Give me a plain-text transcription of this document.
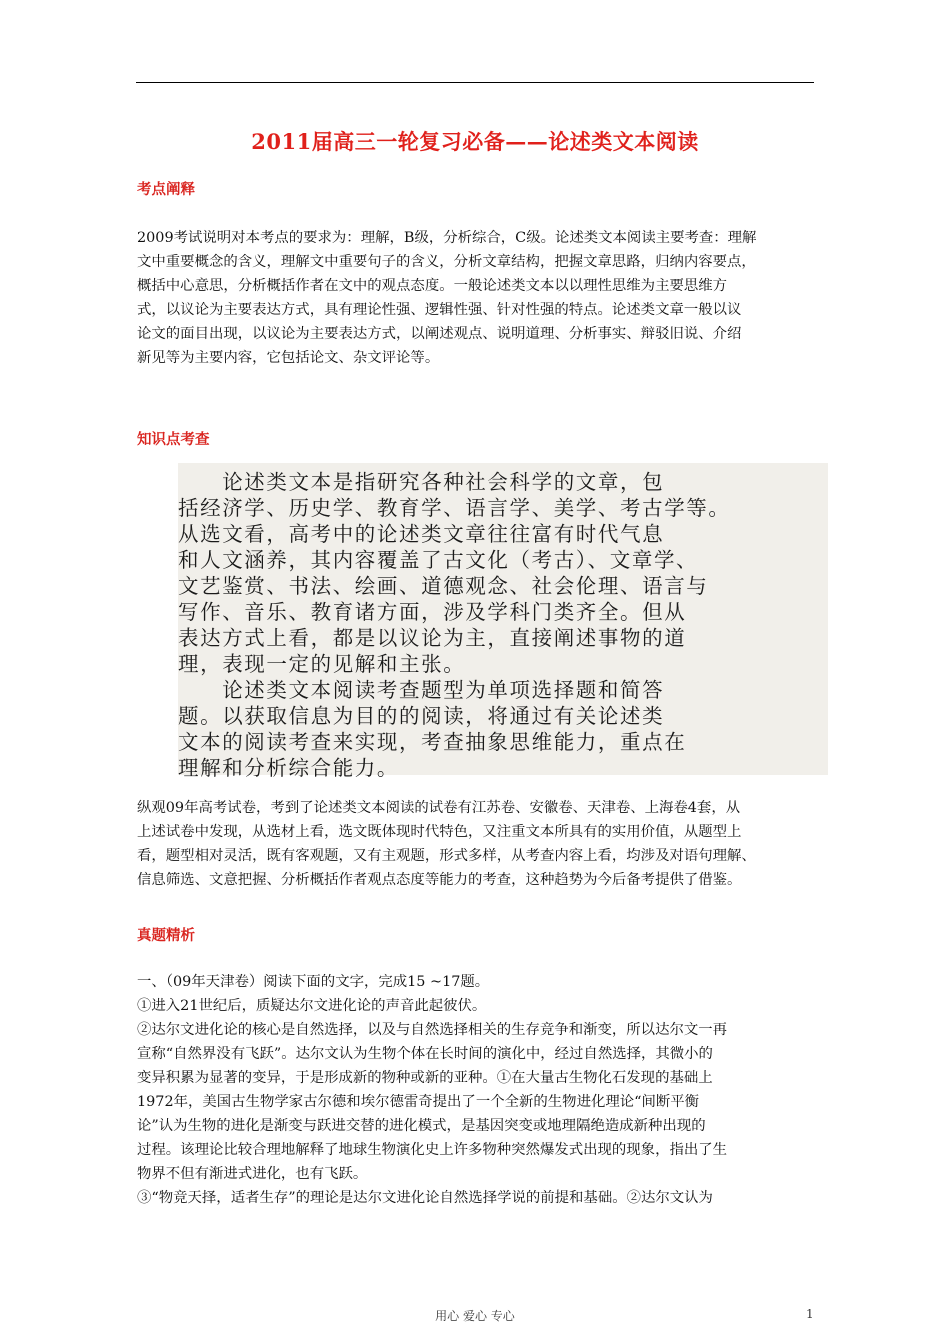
2011届高三一轮复习必备——论述类文本阅读
考点阐释
2009考试说明对本考点的要求为：理解，B级，分析综合，C级。论述类文本阅读主要考查：理解
文中重要概念的含义，理解文中重要句子的含义，分析文章结构，把握文章思路，归纳内容要点，
概括中心意思，分析概括作者在文中的观点态度。一般论述类文本以以理性思维为主要思维方
式，以议论为主要表达方式，具有理论性强、逻辑性强、针对性强的特点。论述类文章一般以议
论文的面目出现，以议论为主要表达方式，以阐述观点、说明道理、分析事实、辩驳旧说、介绍
新见等为主要内容，它包括论文、杂文评论等。
知识点考查
　　论述类文本是指研究各种社会科学的文章，包
括经济学、历史学、教育学、语言学、美学、考古学等。
从选文看，高考中的论述类文章往往富有时代气息
和人文涵养，其内容覆盖了古文化（考古）、文章学、
文艺鉴赏、书法、绘画、道德观念、社会伦理、语言与
写作、音乐、教育诸方面，涉及学科门类齐全。但从
表达方式上看，都是以议论为主，直接阐述事物的道
理，表现一定的见解和主张。
　　论述类文本阅读考查题型为单项选择题和简答
题。以获取信息为目的的阅读，将通过有关论述类
文本的阅读考查来实现，考查抽象思维能力，重点在
理解和分析综合能力。
纵观09年高考试卷，考到了论述类文本阅读的试卷有江苏卷、安徽卷、天津卷、上海卷4套，从
上述试卷中发现，从选材上看，选文既体现时代特色，又注重文本所具有的实用价值，从题型上
看，题型相对灵活，既有客观题，又有主观题，形式多样，从考查内容上看，均涉及对语句理解、
信息筛选、文意把握、分析概括作者观点态度等能力的考查，这种趋势为今后备考提供了借鉴。
真题精析
一、（09年天津卷）阅读下面的文字，完成15 ~17题。
①进入21世纪后，质疑达尔文进化论的声音此起彼伏。
②达尔文进化论的核心是自然选择，以及与自然选择相关的生存竞争和渐变，所以达尔文一再
宣称“自然界没有飞跃”。达尔文认为生物个体在长时间的演化中，经过自然选择，其微小的
变异积累为显著的变异，于是形成新的物种或新的亚种。①在大量古生物化石发现的基础上
1972年，美国古生物学家古尔德和埃尔德雷奇提出了一个全新的生物进化理论“间断平衡
论”认为生物的进化是渐变与跃进交替的进化模式，是基因突变或地理隔绝造成新种出现的
过程。该理论比较合理地解释了地球生物演化史上许多物种突然爆发式出现的现象，指出了生
物界不但有渐进式进化，也有飞跃。
③“物竞天择，适者生存”的理论是达尔文进化论自然选择学说的前提和基础。②达尔文认为
用心 爱心 专心	1
